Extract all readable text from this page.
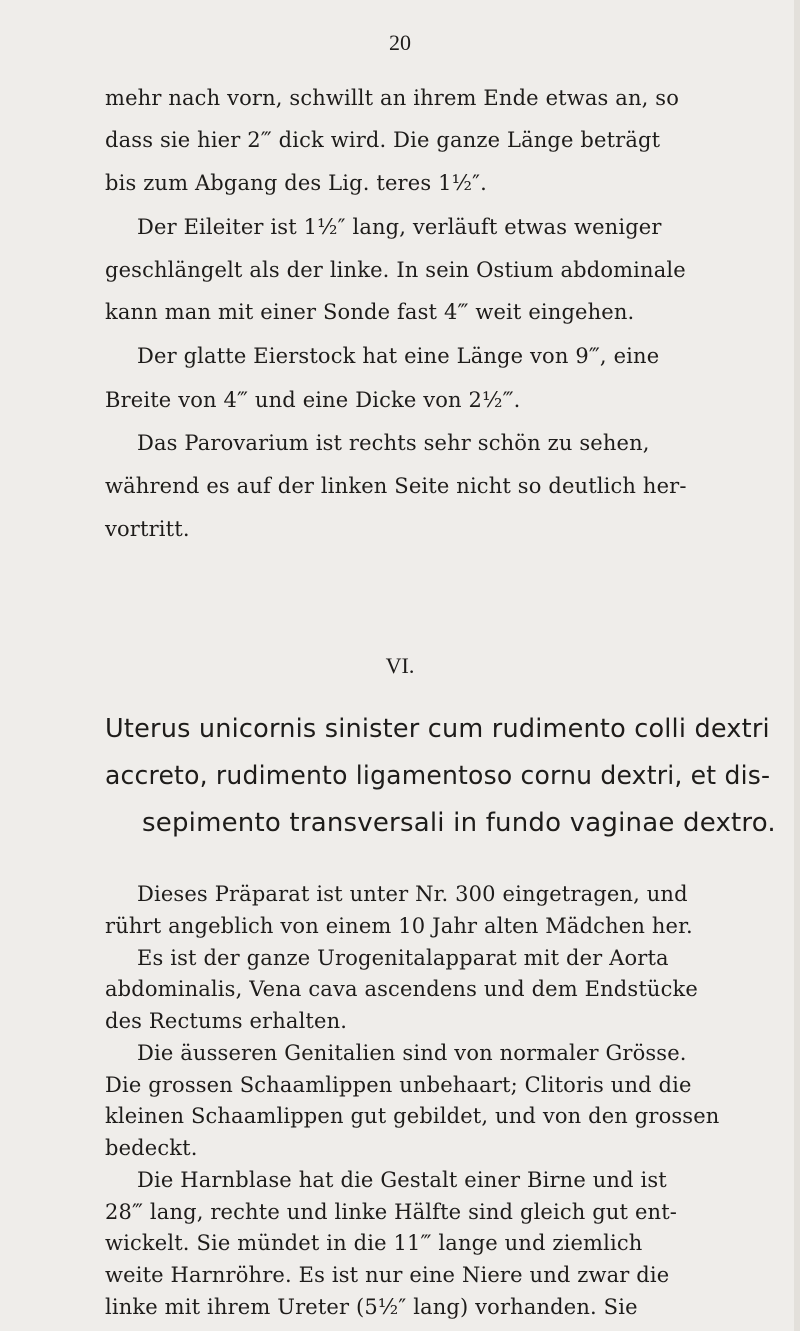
20
mehr nach vorn, schwillt an ihrem Ende etwas an, so
dass sie hier 2‴ dick wird. Die ganze Länge beträgt
bis zum Abgang des Lig. teres 1½″.
Der Eileiter ist 1½″ lang, verläuft etwas weniger
geschlängelt als der linke. In sein Ostium abdominale
kann man mit einer Sonde fast 4‴ weit eingehen.
Der glatte Eierstock hat eine Länge von 9‴, eine
Breite von 4‴ und eine Dicke von 2½‴.
Das Parovarium ist rechts sehr schön zu sehen,
während es auf der linken Seite nicht so deutlich her-
vortritt.
VI.
Uterus unicornis sinister cum rudimento colli dextri
accreto, rudimento ligamentoso cornu dextri, et dis-
sepimento transversali in fundo vaginae dextro.
Dieses Präparat ist unter Nr. 300 eingetragen, und
rührt angeblich von einem 10 Jahr alten Mädchen her.
Es ist der ganze Urogenitalapparat mit der Aorta
abdominalis, Vena cava ascendens und dem Endstücke
des Rectums erhalten.
Die äusseren Genitalien sind von normaler Grösse.
Die grossen Schaamlippen unbehaart; Clitoris und die
kleinen Schaamlippen gut gebildet, und von den grossen
bedeckt.
Die Harnblase hat die Gestalt einer Birne und ist
28‴ lang, rechte und linke Hälfte sind gleich gut ent-
wickelt. Sie mündet in die 11‴ lange und ziemlich
weite Harnröhre. Es ist nur eine Niere und zwar die
linke mit ihrem Ureter (5½″ lang) vorhanden. Sie
